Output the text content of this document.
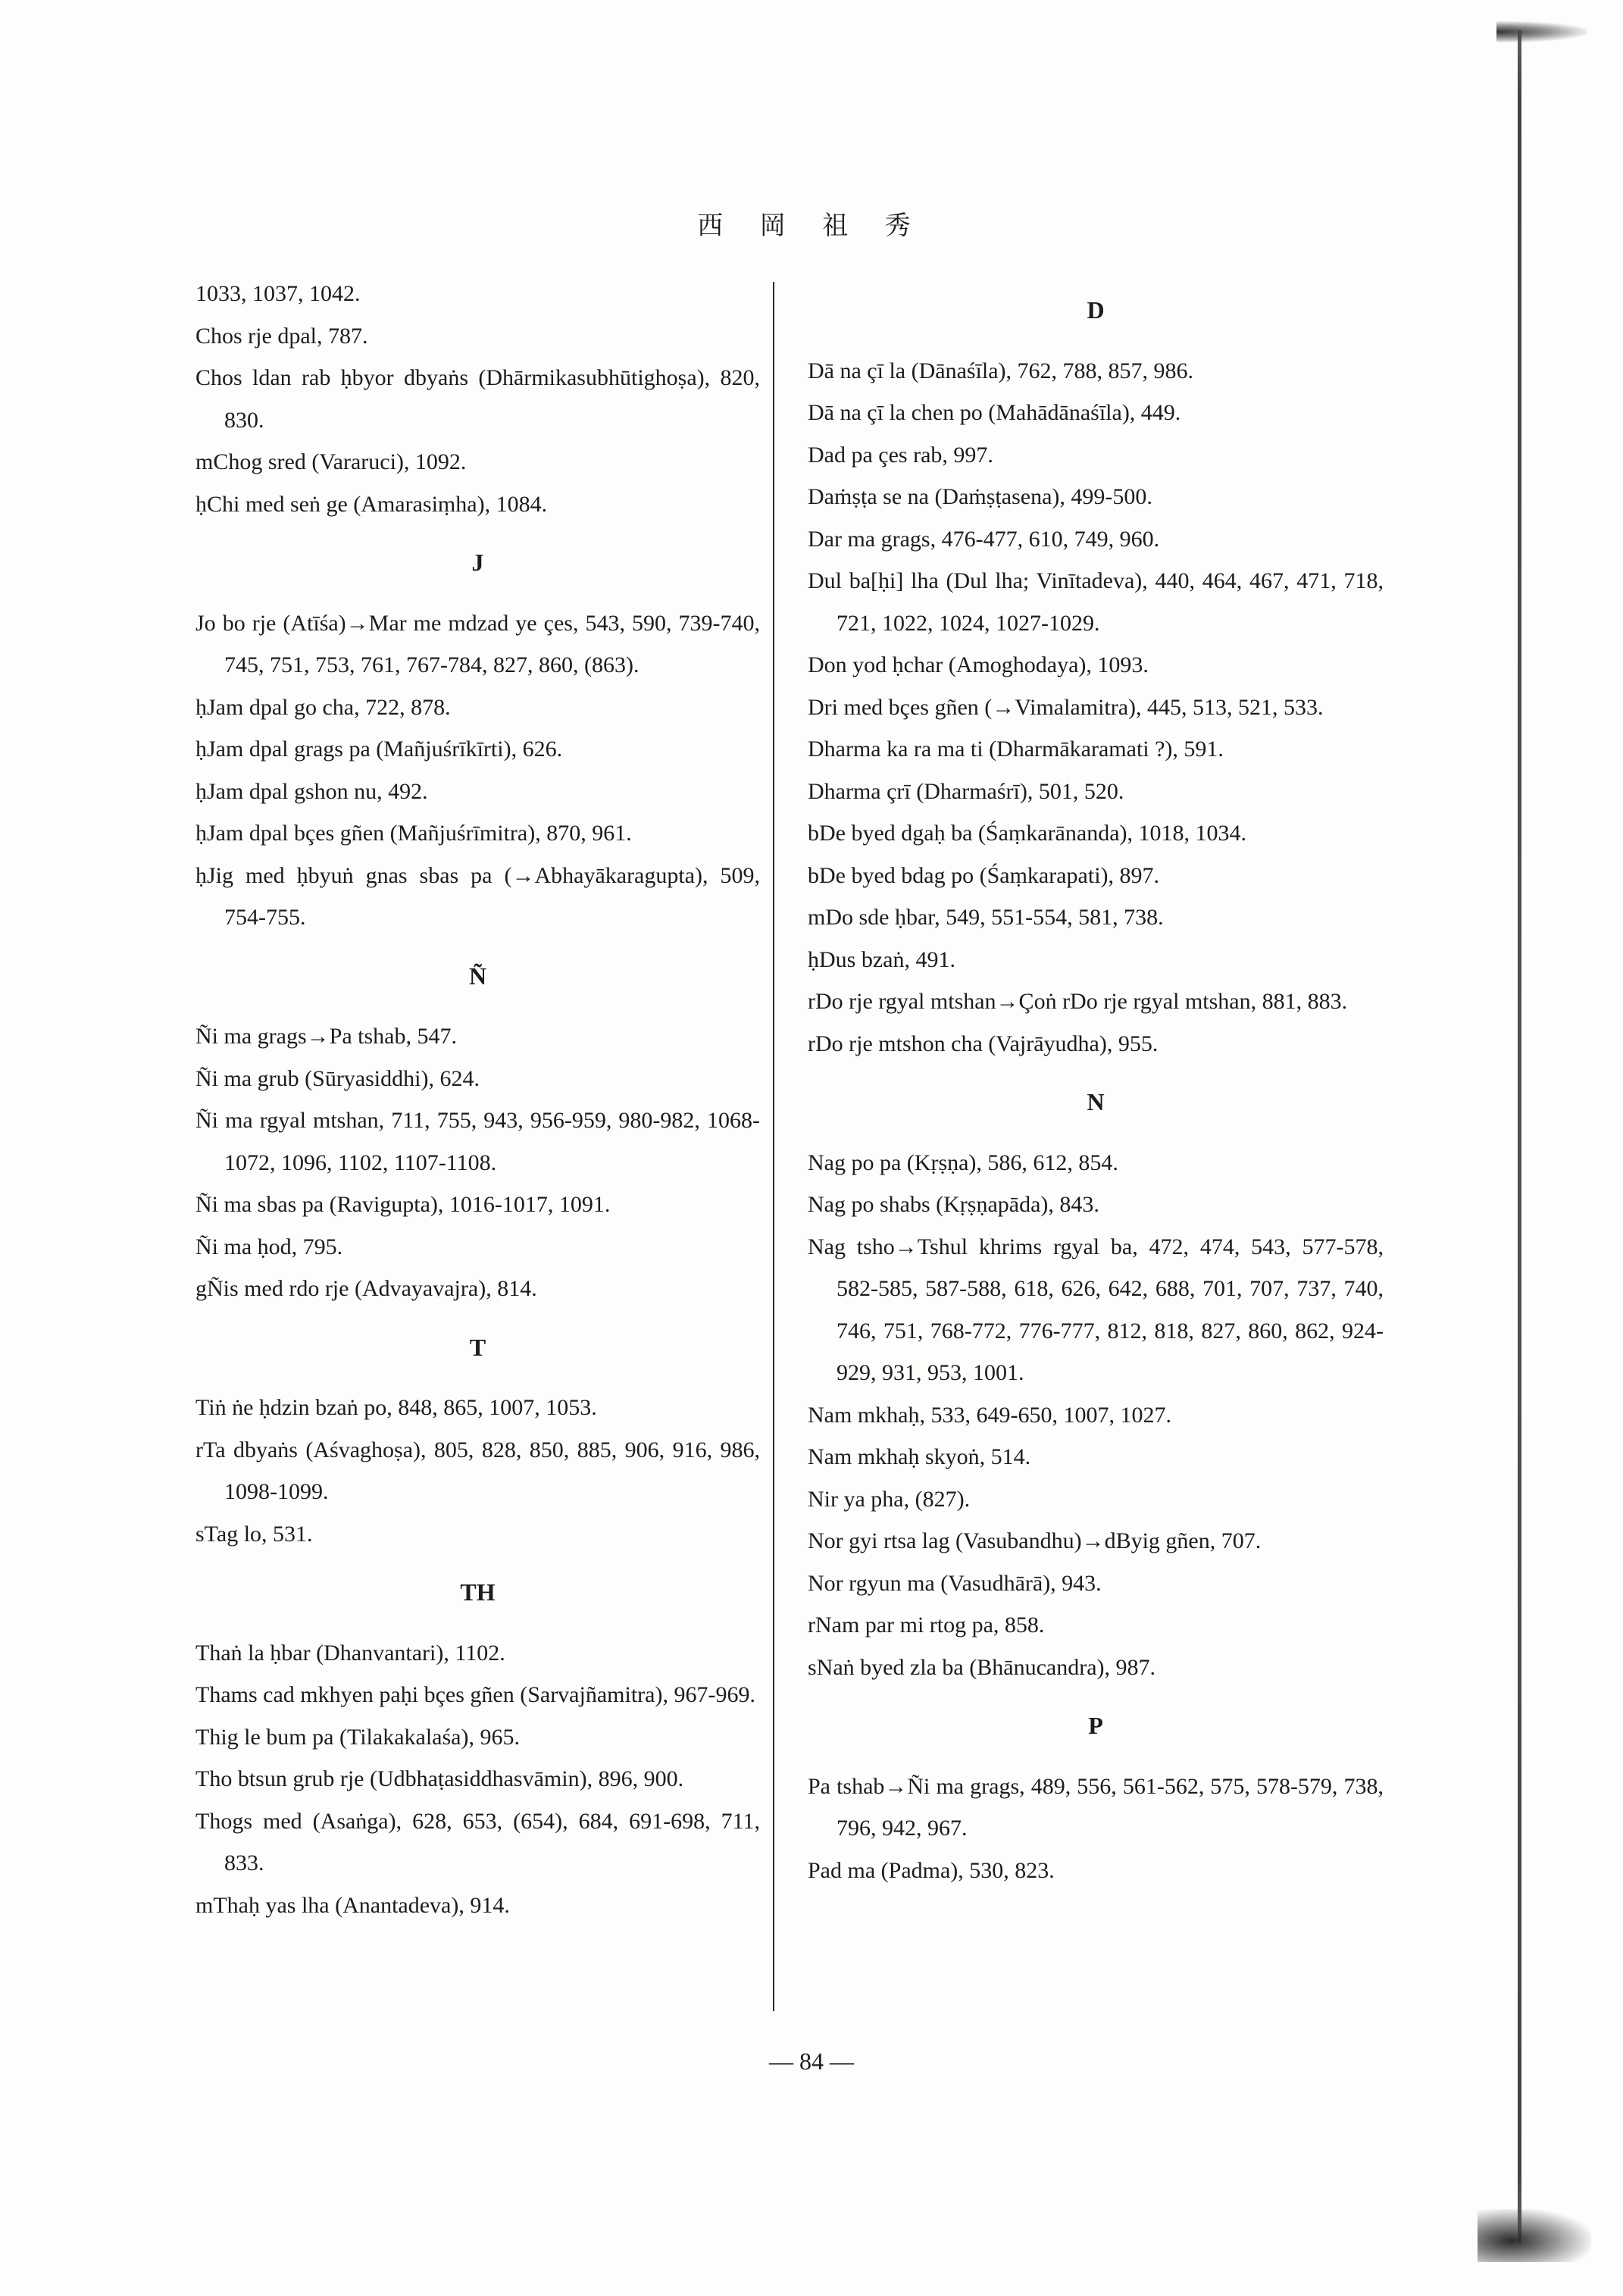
西 岡 祖 秀
1033, 1037, 1042.
Chos rje dpal, 787.
Chos ldan rab ḥbyor dbyaṅs (Dhārmikasubhūtighoṣa), 820, 830.
mChog sred (Vararuci), 1092.
ḥChi med seṅ ge (Amarasiṃha), 1084.
J
Jo bo rje (Atīśa)→Mar me mdzad ye çes, 543, 590, 739-740, 745, 751, 753, 761, 767-784, 827, 860, (863).
ḥJam dpal go cha, 722, 878.
ḥJam dpal grags pa (Mañjuśrīkīrti), 626.
ḥJam dpal gshon nu, 492.
ḥJam dpal bçes gñen (Mañjuśrīmitra), 870, 961.
ḥJig med ḥbyuṅ gnas sbas pa (→Abhayākaragupta), 509, 754-755.
Ñ
Ñi ma grags→Pa tshab, 547.
Ñi ma grub (Sūryasiddhi), 624.
Ñi ma rgyal mtshan, 711, 755, 943, 956-959, 980-982, 1068-1072, 1096, 1102, 1107-1108.
Ñi ma sbas pa (Ravigupta), 1016-1017, 1091.
Ñi ma ḥod, 795.
gÑis med rdo rje (Advayavajra), 814.
T
Tiṅ ṅe ḥdzin bzaṅ po, 848, 865, 1007, 1053.
rTa dbyaṅs (Aśvaghoṣa), 805, 828, 850, 885, 906, 916, 986, 1098-1099.
sTag lo, 531.
TH
Thaṅ la ḥbar (Dhanvantari), 1102.
Thams cad mkhyen paḥi bçes gñen (Sarvajñamitra), 967-969.
Thig le bum pa (Tilakakalaśa), 965.
Tho btsun grub rje (Udbhaṭasiddhasvāmin), 896, 900.
Thogs med (Asaṅga), 628, 653, (654), 684, 691-698, 711, 833.
mThaḥ yas lha (Anantadeva), 914.
D
Dā na çī la (Dānaśīla), 762, 788, 857, 986.
Dā na çī la chen po (Mahādānaśīla), 449.
Dad pa çes rab, 997.
Daṁṣṭa se na (Daṁṣṭasena), 499-500.
Dar ma grags, 476-477, 610, 749, 960.
Dul ba[ḥi] lha (Dul lha; Vinītadeva), 440, 464, 467, 471, 718, 721, 1022, 1024, 1027-1029.
Don yod ḥchar (Amoghodaya), 1093.
Dri med bçes gñen (→Vimalamitra), 445, 513, 521, 533.
Dharma ka ra ma ti (Dharmākaramati ?), 591.
Dharma çrī (Dharmaśrī), 501, 520.
bDe byed dgaḥ ba (Śaṃkarānanda), 1018, 1034.
bDe byed bdag po (Śaṃkarapati), 897.
mDo sde ḥbar, 549, 551-554, 581, 738.
ḥDus bzaṅ, 491.
rDo rje rgyal mtshan→Çoṅ rDo rje rgyal mtshan, 881, 883.
rDo rje mtshon cha (Vajrāyudha), 955.
N
Nag po pa (Kṛṣṇa), 586, 612, 854.
Nag po shabs (Kṛṣṇapāda), 843.
Nag tsho→Tshul khrims rgyal ba, 472, 474, 543, 577-578, 582-585, 587-588, 618, 626, 642, 688, 701, 707, 737, 740, 746, 751, 768-772, 776-777, 812, 818, 827, 860, 862, 924-929, 931, 953, 1001.
Nam mkhaḥ, 533, 649-650, 1007, 1027.
Nam mkhaḥ skyoṅ, 514.
Nir ya pha, (827).
Nor gyi rtsa lag (Vasubandhu)→dByig gñen, 707.
Nor rgyun ma (Vasudhārā), 943.
rNam par mi rtog pa, 858.
sNaṅ byed zla ba (Bhānucandra), 987.
P
Pa tshab→Ñi ma grags, 489, 556, 561-562, 575, 578-579, 738, 796, 942, 967.
Pad ma (Padma), 530, 823.
— 84 —
